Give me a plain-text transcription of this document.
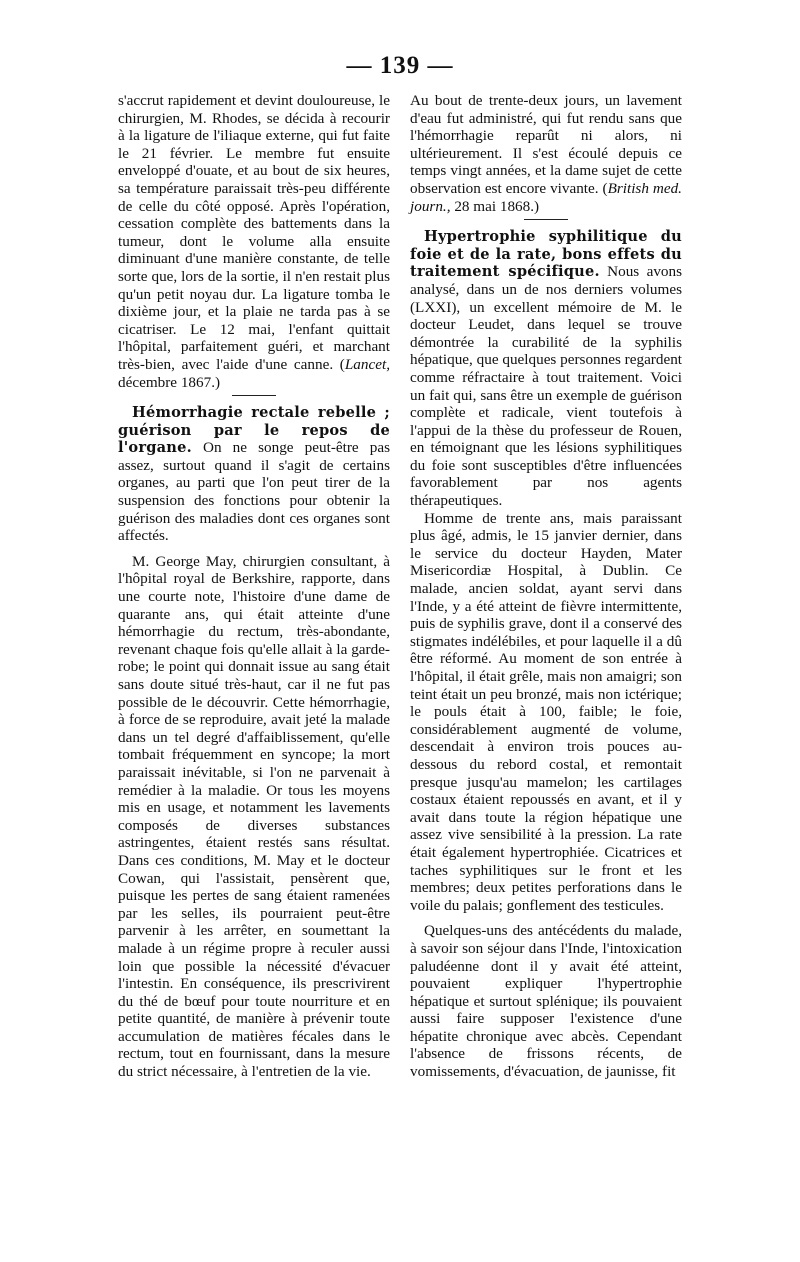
— 139 —

s'accrut rapidement et devint douloureuse, le chirurgien, M. Rhodes, se décida à recourir à la ligature de l'iliaque externe, qui fut faite le 21 février. Le membre fut ensuite enveloppé d'ouate, et au bout de six heures, sa température paraissait très-peu différente de celle du côté opposé. Après l'opération, cessation complète des battements dans la tumeur, dont le volume alla ensuite diminuant d'une manière constante, de telle sorte que, lors de la sortie, il n'en restait plus qu'un petit noyau dur. La ligature tomba le dixième jour, et la plaie ne tarda pas à se cicatriser. Le 12 mai, l'enfant quittait l'hôpital, parfaitement guéri, et marchant très-bien, avec l'aide d'une canne. (Lancet, décembre 1867.)

Hémorrhagie rectale rebelle ; guérison par le repos de l'organe. On ne songe peut-être pas assez, surtout quand il s'agit de certains organes, au parti que l'on peut tirer de la suspension des fonctions pour obtenir la guérison des maladies dont ces organes sont affectés.

M. George May, chirurgien consultant, à l'hôpital royal de Berkshire, rapporte, dans une courte note, l'histoire d'une dame de quarante ans, qui était atteinte d'une hémorrhagie du rectum, très-abondante, revenant chaque fois qu'elle allait à la garde-robe; le point qui donnait issue au sang était sans doute situé très-haut, car il ne fut pas possible de le découvrir. Cette hémorrhagie, à force de se reproduire, avait jeté la malade dans un tel degré d'affaiblissement, qu'elle tombait fréquemment en syncope; la mort paraissait inévitable, si l'on ne parvenait à remédier à la maladie. Or tous les moyens mis en usage, et notamment les lavements composés de diverses substances astringentes, étaient restés sans résultat. Dans ces conditions, M. May et le docteur Cowan, qui l'assistait, pensèrent que, puisque les pertes de sang étaient ramenées par les selles, ils pourraient peut-être parvenir à les arrêter, en soumettant la malade à un régime propre à reculer aussi loin que possible la nécessité d'évacuer l'intestin. En conséquence, ils prescrivirent du thé de bœuf pour toute nourriture et en petite quantité, de manière à prévenir toute accumulation de matières fécales dans le rectum, tout en fournissant, dans la mesure du strict nécessaire, à l'entretien de la vie.

Au bout de trente-deux jours, un lavement d'eau fut administré, qui fut rendu sans que l'hémorrhagie reparût ni alors, ni ultérieurement. Il s'est écoulé depuis ce temps vingt années, et la dame sujet de cette observation est encore vivante. (British med. journ., 28 mai 1868.)

Hypertrophie syphilitique du foie et de la rate, bons effets du traitement spécifique. Nous avons analysé, dans un de nos derniers volumes (LXXI), un excellent mémoire de M. le docteur Leudet, dans lequel se trouve démontrée la curabilité de la syphilis hépatique, que quelques personnes regardent comme réfractaire à tout traitement. Voici un fait qui, sans être un exemple de guérison complète et radicale, vient toutefois à l'appui de la thèse du professeur de Rouen, en témoignant que les lésions syphilitiques du foie sont susceptibles d'être influencées favorablement par nos agents thérapeutiques.

Homme de trente ans, mais paraissant plus âgé, admis, le 15 janvier dernier, dans le service du docteur Hayden, Mater Misericordiæ Hospital, à Dublin. Ce malade, ancien soldat, ayant servi dans l'Inde, y a été atteint de fièvre intermittente, puis de syphilis grave, dont il a conservé des stigmates indélébiles, et pour laquelle il a dû être réformé. Au moment de son entrée à l'hôpital, il était grêle, mais non amaigri; son teint était un peu bronzé, mais non ictérique; le pouls était à 100, faible; le foie, considérablement augmenté de volume, descendait à environ trois pouces au-dessous du rebord costal, et remontait presque jusqu'au mamelon; les cartilages costaux étaient repoussés en avant, et il y avait dans toute la région hépatique une assez vive sensibilité à la pression. La rate était également hypertrophiée. Cicatrices et taches syphilitiques sur le front et les membres; deux petites perforations dans le voile du palais; gonflement des testicules.

Quelques-uns des antécédents du malade, à savoir son séjour dans l'Inde, l'intoxication paludéenne dont il y avait été atteint, pouvaient expliquer l'hypertrophie hépatique et surtout splénique; ils pouvaient aussi faire supposer l'existence d'une hépatite chronique avec abcès. Cependant l'absence de frissons récents, de vomissements, d'évacuation, de jaunisse, fit
